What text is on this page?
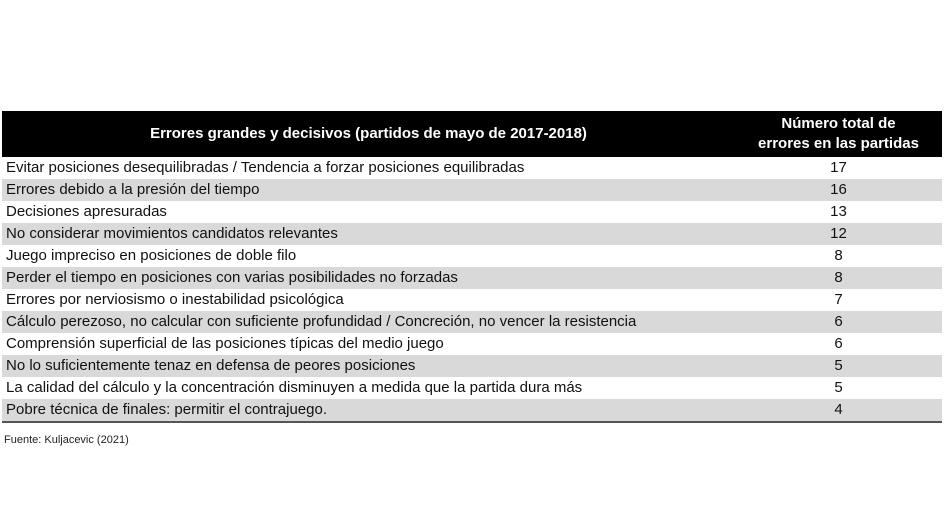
Errores grandes y decisivos (partidos de mayo de 2017-2018)	Número total de
errores en las partidas
Evitar posiciones desequilibradas / Tendencia a forzar posiciones equilibradas	17
Errores debido a la presión del tiempo	16
Decisiones apresuradas	13
No considerar movimientos candidatos relevantes	12
Juego impreciso en posiciones de doble filo	8
Perder el tiempo en posiciones con varias posibilidades no forzadas	8
Errores por nerviosismo o inestabilidad psicológica	7
Cálculo perezoso, no calcular con suficiente profundidad / Concreción, no vencer la resistencia	6
Comprensión superficial de las posiciones típicas del medio juego	6
No lo suficientemente tenaz en defensa de peores posiciones	5
La calidad del cálculo y la concentración disminuyen a medida que la partida dura más	5
Pobre técnica de finales: permitir el contrajuego.	4
Fuente: Kuljacevic (2021)
